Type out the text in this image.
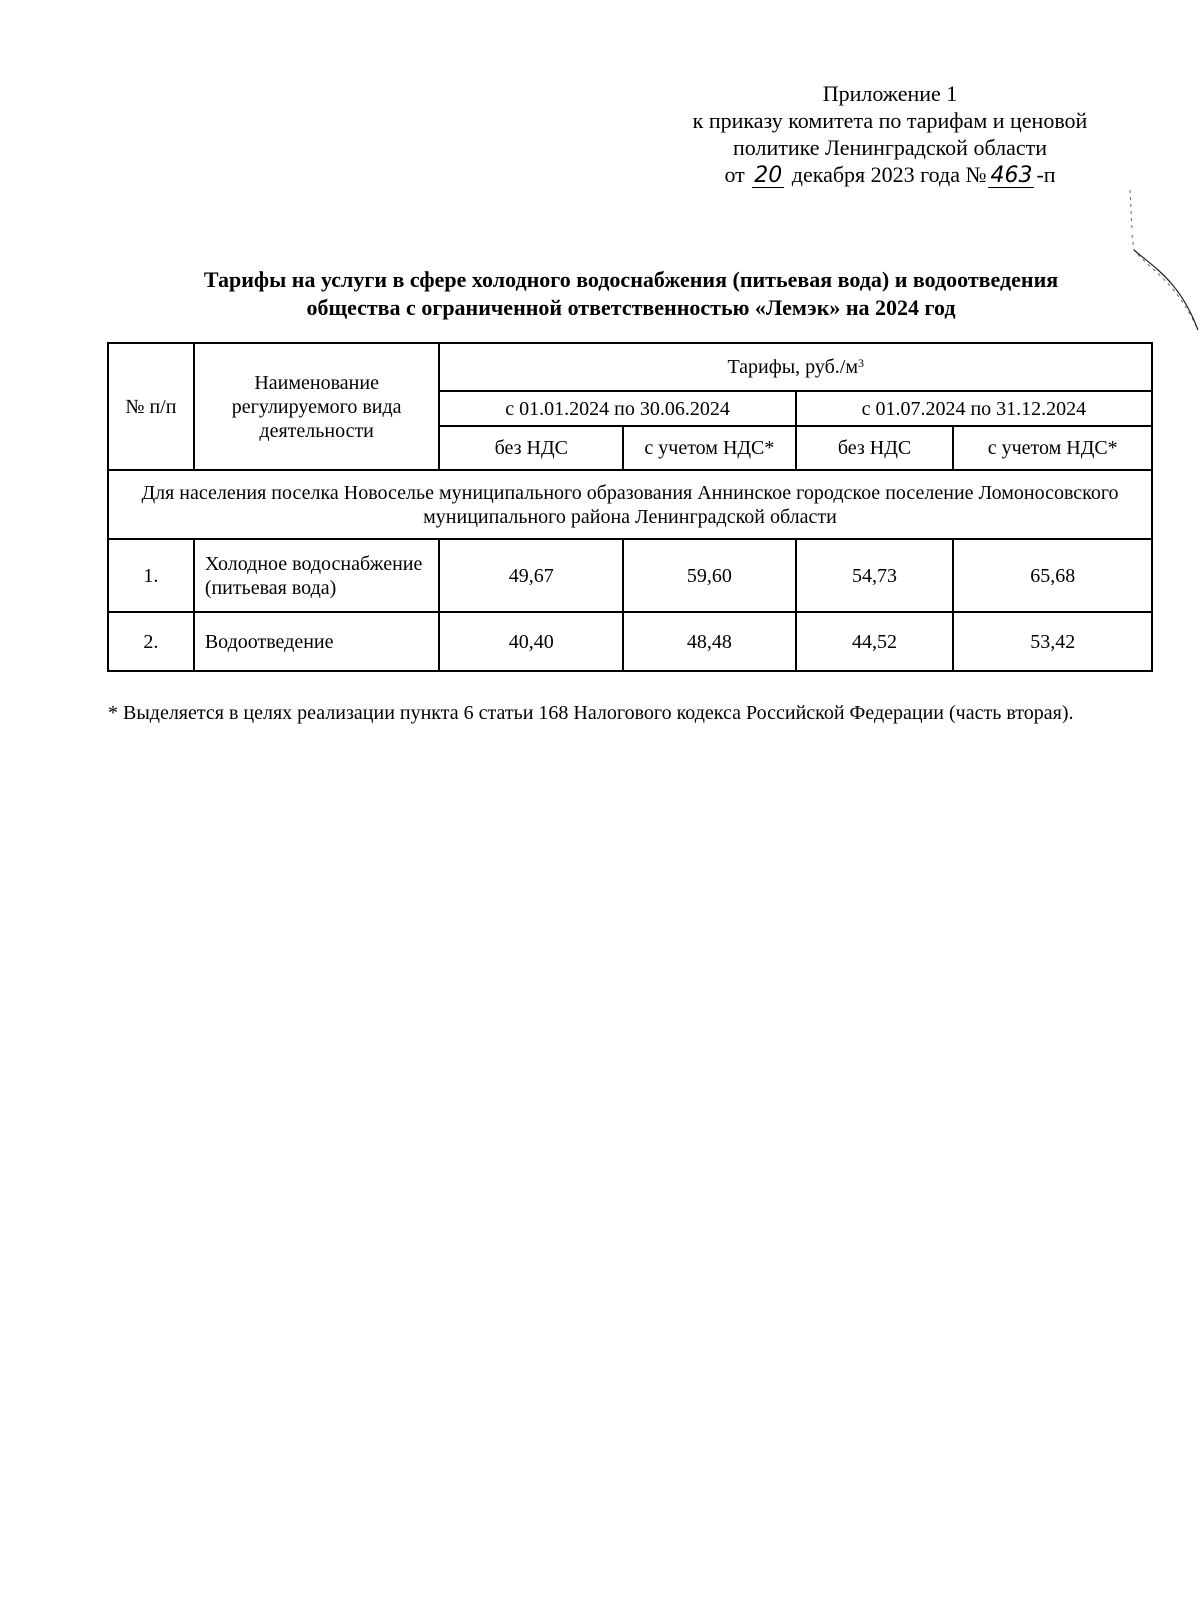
Приложение 1
к приказу комитета по тарифам и ценовой
политике Ленинградской области
от 20 декабря 2023 года № 463 -п
Тарифы на услуги в сфере холодного водоснабжения (питьевая вода) и водоотведения
общества с ограниченной ответственностью «Лемэк» на 2024 год
№ п/п	Наименование регулируемого вида деятельности	Тарифы, $руб./м^3$
		с 01.01.2024 по 30.06.2024		с 01.07.2024 по 31.12.2024	
		без НДС	с учетом НДС*	без НДС	с учетом НДС*
Для населения поселка Новоселье муниципального образования Аннинское городское поселение Ломоносовского муниципального района Ленинградской области					
1.	Холодное водоснабжение (питьевая вода)	49,67	59,60	54,73	65,68
2.	Водоотведение	40,40	48,48	44,52	53,42
* Выделяется в целях реализации пункта 6 статьи 168 Налогового кодекса Российской Федерации (часть вторая).
